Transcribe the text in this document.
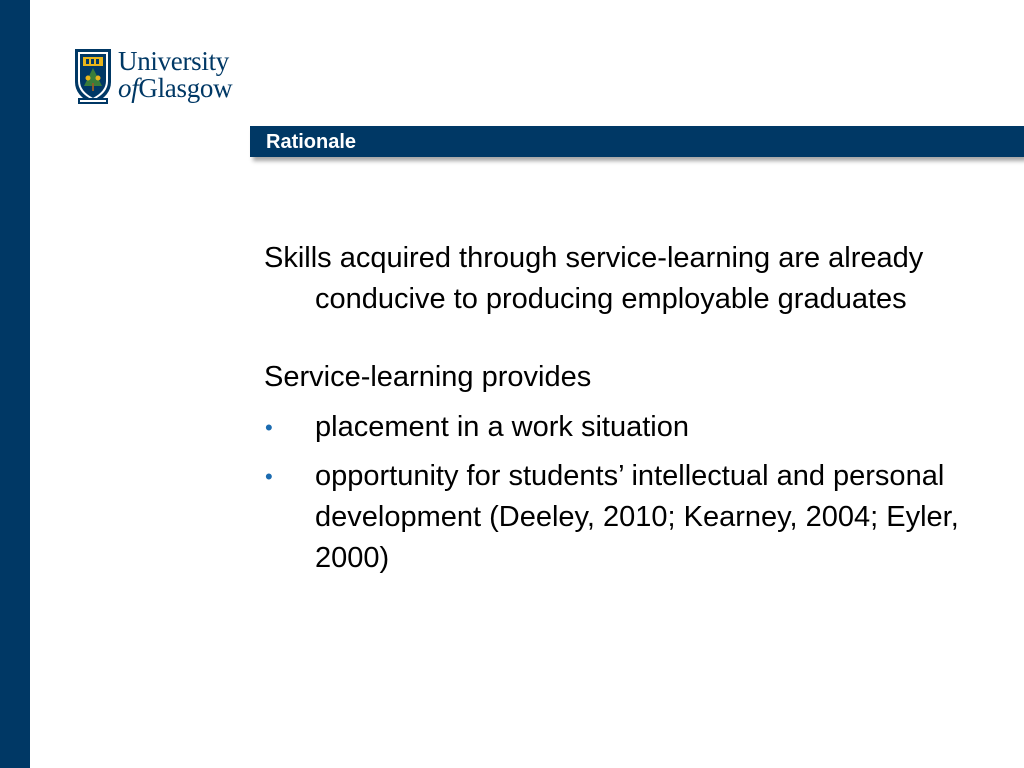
University
ofGlasgow
Rationale

Skills acquired through service-learning are already conducive to producing employable graduates

Service-learning provides

• placement in a work situation
• opportunity for students’ intellectual and personal development (Deeley, 2010; Kearney, 2004; Eyler, 2000)
